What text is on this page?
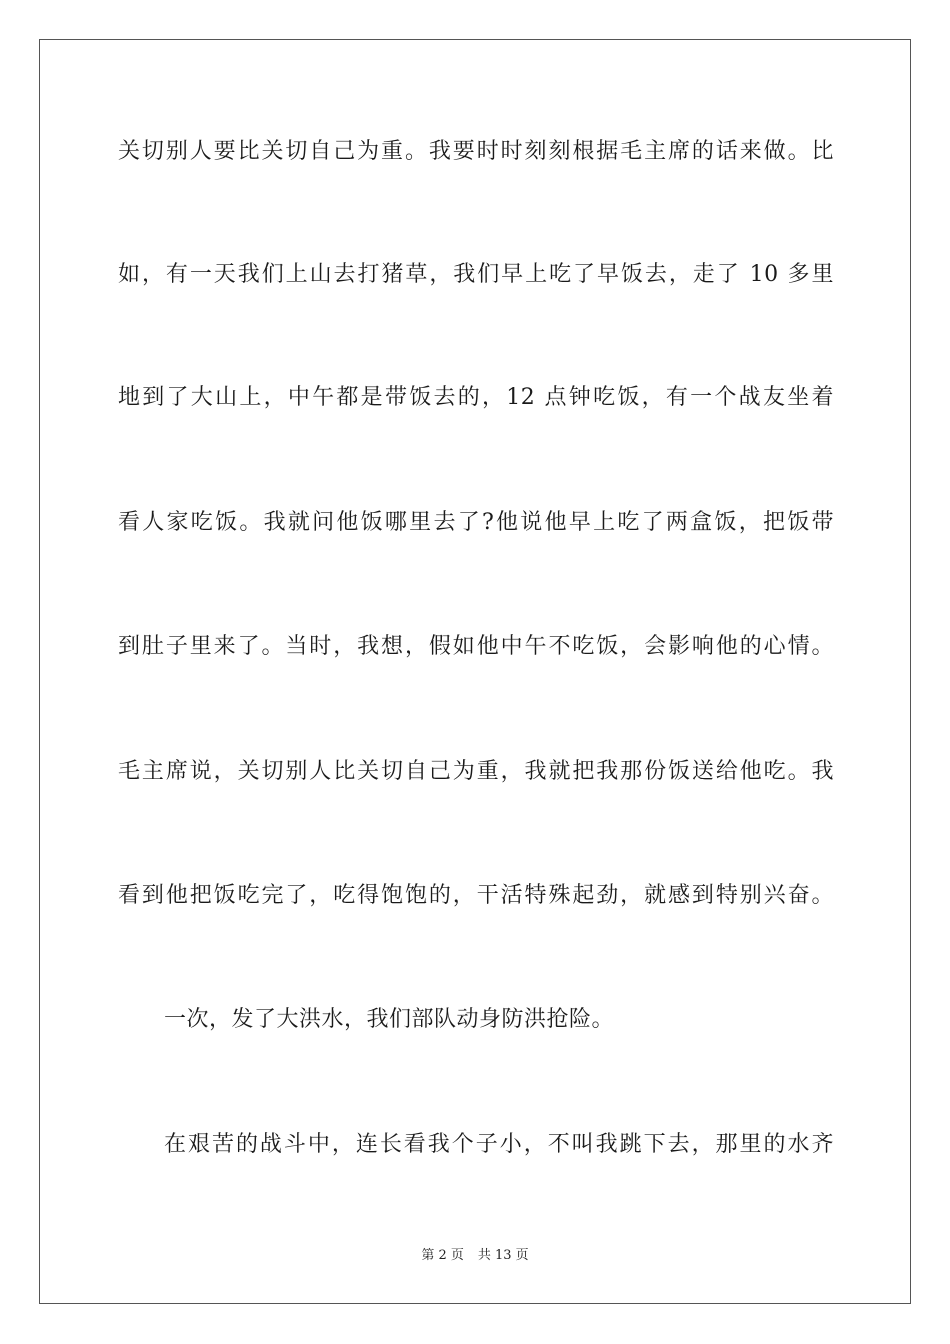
关切别人要比关切自己为重。我要时时刻刻根据毛主席的话来做。比
如，有一天我们上山去打猪草，我们早上吃了早饭去，走了 10 多里
地到了大山上，中午都是带饭去的，12 点钟吃饭，有一个战友坐着
看人家吃饭。我就问他饭哪里去了?他说他早上吃了两盒饭，把饭带
到肚子里来了。当时，我想，假如他中午不吃饭，会影响他的心情。
毛主席说，关切别人比关切自己为重，我就把我那份饭送给他吃。我
看到他把饭吃完了，吃得饱饱的，干活特殊起劲，就感到特别兴奋。
一次，发了大洪水，我们部队动身防洪抢险。
在艰苦的战斗中，连长看我个子小，不叫我跳下去，那里的水齐
第 2 页 共 13 页
